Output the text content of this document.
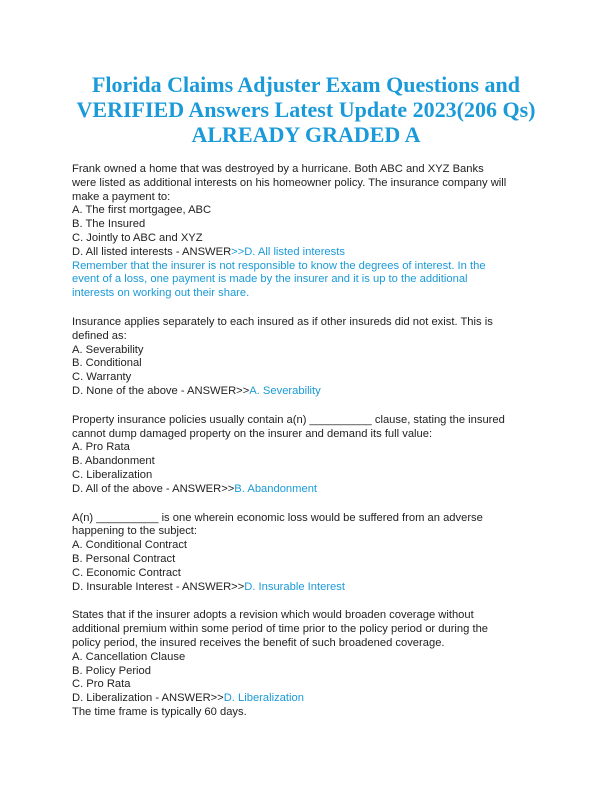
Florida Claims Adjuster Exam Questions and
VERIFIED Answers Latest Update 2023(206 Qs)
ALREADY GRADED A
Frank owned a home that was destroyed by a hurricane. Both ABC and XYZ Banks
were listed as additional interests on his homeowner policy. The insurance company will
make a payment to:
A. The first mortgagee, ABC
B. The Insured
C. Jointly to ABC and XYZ
D. All listed interests - ANSWER>>D. All listed interests
Remember that the insurer is not responsible to know the degrees of interest. In the
event of a loss, one payment is made by the insurer and it is up to the additional
interests on working out their share.
Insurance applies separately to each insured as if other insureds did not exist. This is
defined as:
A. Severability
B. Conditional
C. Warranty
D. None of the above - ANSWER>>A. Severability
Property insurance policies usually contain a(n) __________ clause, stating the insured
cannot dump damaged property on the insurer and demand its full value:
A. Pro Rata
B. Abandonment
C. Liberalization
D. All of the above - ANSWER>>B. Abandonment
A(n) __________ is one wherein economic loss would be suffered from an adverse
happening to the subject:
A. Conditional Contract
B. Personal Contract
C. Economic Contract
D. Insurable Interest - ANSWER>>D. Insurable Interest
States that if the insurer adopts a revision which would broaden coverage without
additional premium within some period of time prior to the policy period or during the
policy period, the insured receives the benefit of such broadened coverage.
A. Cancellation Clause
B. Policy Period
C. Pro Rata
D. Liberalization - ANSWER>>D. Liberalization
The time frame is typically 60 days.
